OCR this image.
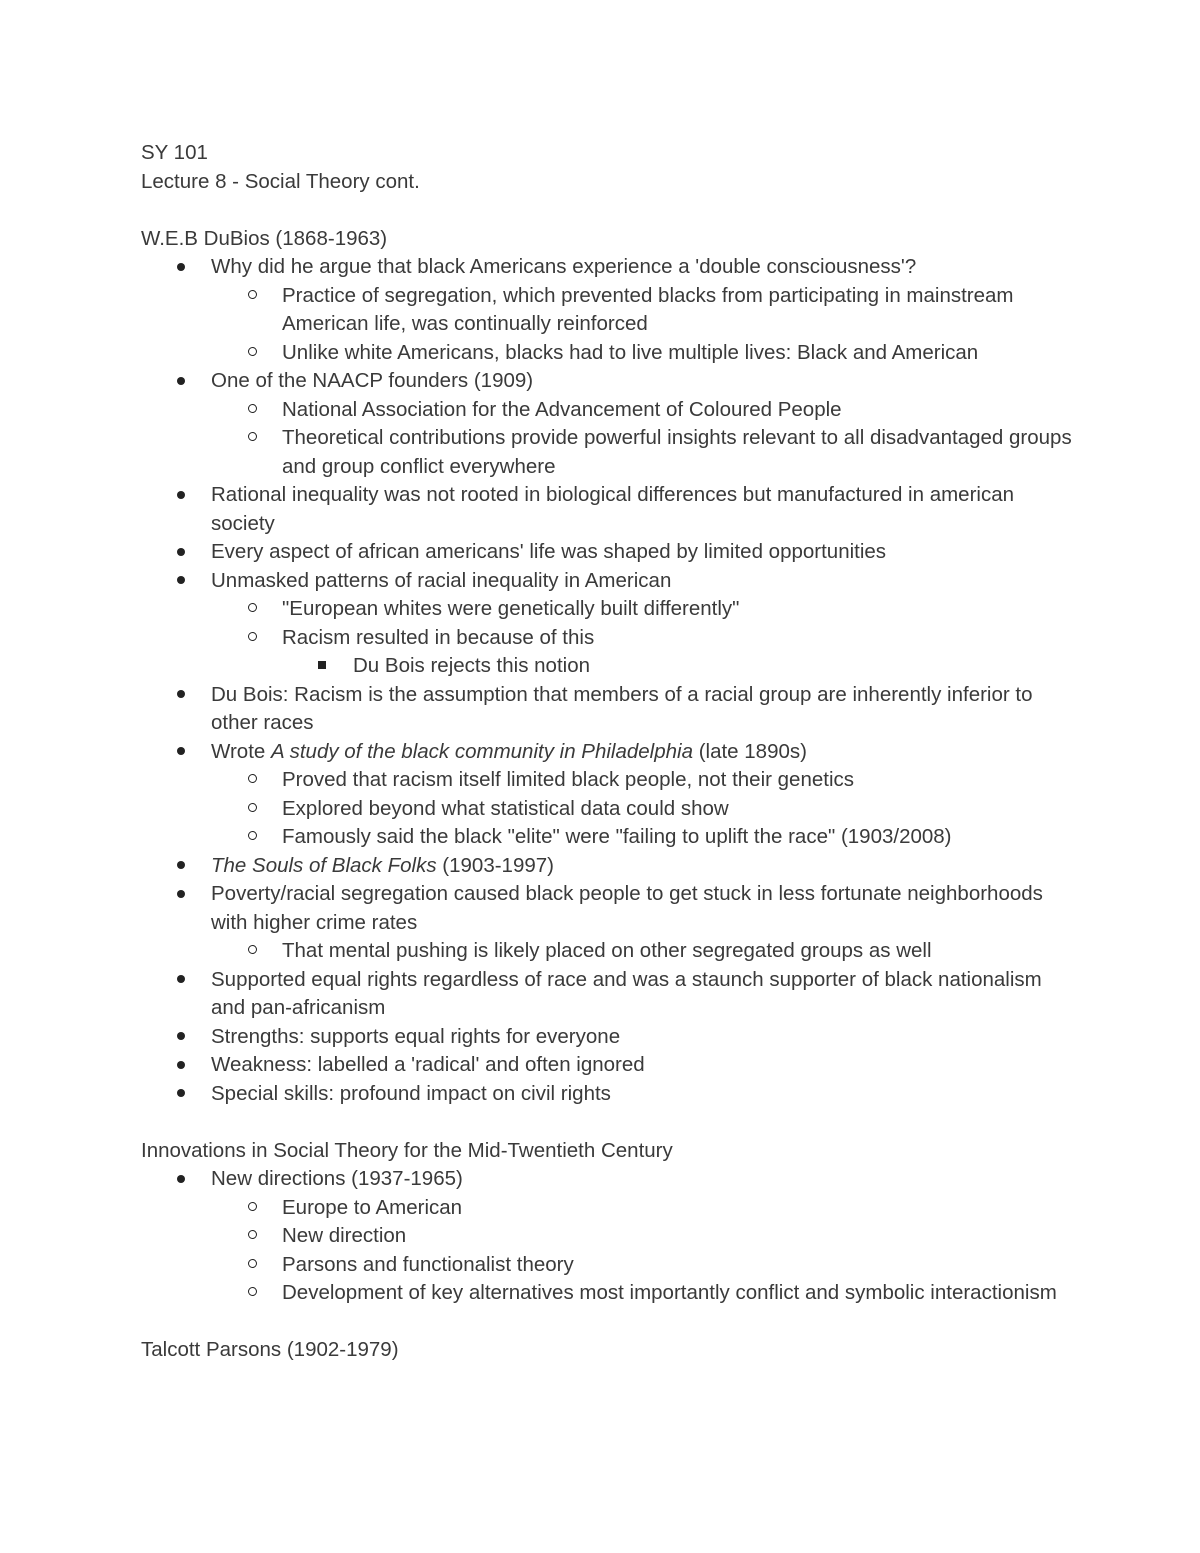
SY 101

Lecture 8 - Social Theory cont.

W.E.B DuBios (1868-1963)

Why did he argue that black Americans experience a 'double consciousness'?
Practice of segregation, which prevented blacks from participating in mainstream American life, was continually reinforced
Unlike white Americans, blacks had to live multiple lives: Black and American
One of the NAACP founders (1909)
National Association for the Advancement of Coloured People
Theoretical contributions provide powerful insights relevant to all disadvantaged groups and group conflict everywhere
Rational inequality was not rooted in biological differences but manufactured in american society
Every aspect of african americans' life was shaped by limited opportunities
Unmasked patterns of racial inequality in American
"European whites were genetically built differently"
Racism resulted in because of this
Du Bois rejects this notion
Du Bois: Racism is the assumption that members of a racial group are inherently inferior to other races
Wrote A study of the black community in Philadelphia (late 1890s)
Proved that racism itself limited black people, not their genetics
Explored beyond what statistical data could show
Famously said the black "elite" were "failing to uplift the race" (1903/2008)
The Souls of Black Folks (1903-1997)
Poverty/racial segregation caused black people to get stuck in less fortunate neighborhoods with higher crime rates
That mental pushing is likely placed on other segregated groups as well
Supported equal rights regardless of race and was a staunch supporter of black nationalism and pan-africanism
Strengths: supports equal rights for everyone
Weakness: labelled a 'radical' and often ignored
Special skills: profound impact on civil rights

Innovations in Social Theory for the Mid-Twentieth Century

New directions (1937-1965)
Europe to American
New direction
Parsons and functionalist theory
Development of key alternatives most importantly conflict and symbolic interactionism

Talcott Parsons (1902-1979)
